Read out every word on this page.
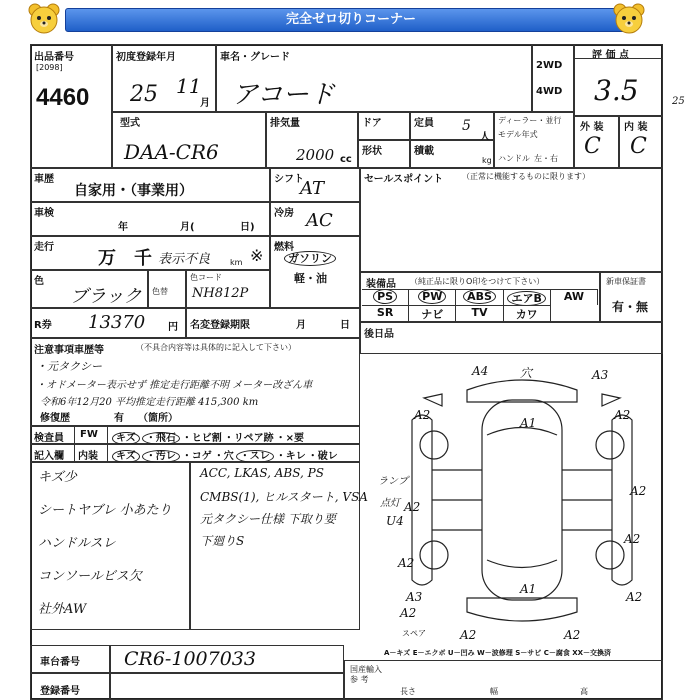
完全ゼロ切りコーナー
出品番号
[2098]
4460
初度登録年月
25 11
月
車名・グレード
アコード
2WD
4WD
評 価 点
3.5	25
型式
DAA-CR6
排気量
2000 cc
ドア
形状
定員 5
人
積載
kg
ディーラー・並行
モデル年式
ハンドル 左・右
外 装
C
内 装
C
車歴
自家用・（事業用）
シフト
AT	セールスポイント （正常に機能するものに限ります）
車検
年	月(	日)
冷房 AC
走行
万 千 表示不良 km ※ 燃料
ガソリン
軽・油
色
ブラック 色替
色コード
NH812P
装備品 （純正品に限りO印をつけて下さい）
PS	PW	ABS	エアB	AW
SR	ナビ	TV	カワ
新車保証書
有・無
R券 13370 円 名変登録期限	月	日
後日品
注意事項車歴等	（不具合内容等は具体的に記入して下さい）
・元タクシー
・オドメーター表示せず 推定走行距離不明 メーター改ざん車
令和6年12月20 平均推定走行距離 415,300 km
修復歴	有 （箇所）
検査員 FW	キズ ・飛石 ・ヒビ割 ・リペア跡 ・×要
記入欄 内装	キズ ・汚レ ・コゲ ・穴 ・スレ ・キレ ・破レ
キズ少
シートヤブレ 小あたり
ハンドルスレ
コンソールビス欠
社外AW
ACC, LKAS, ABS, PS
CMBS(1), ヒルスタート, VSA
元タクシー仕様 下取り要
下廻りS
ランプ
点灯
U4
A4	穴	A3
A2
A1
A2
A2
A2
A2
A1
A3	A2
A2	A2
A2
A2
スペア
A－キズ E－エクボ U－凹み W－波修理 S－サビ C－腐食 XX－交換済
車台番号 CR6-1007033
登録番号
国産輸入
参 考
長さ	幅	高
